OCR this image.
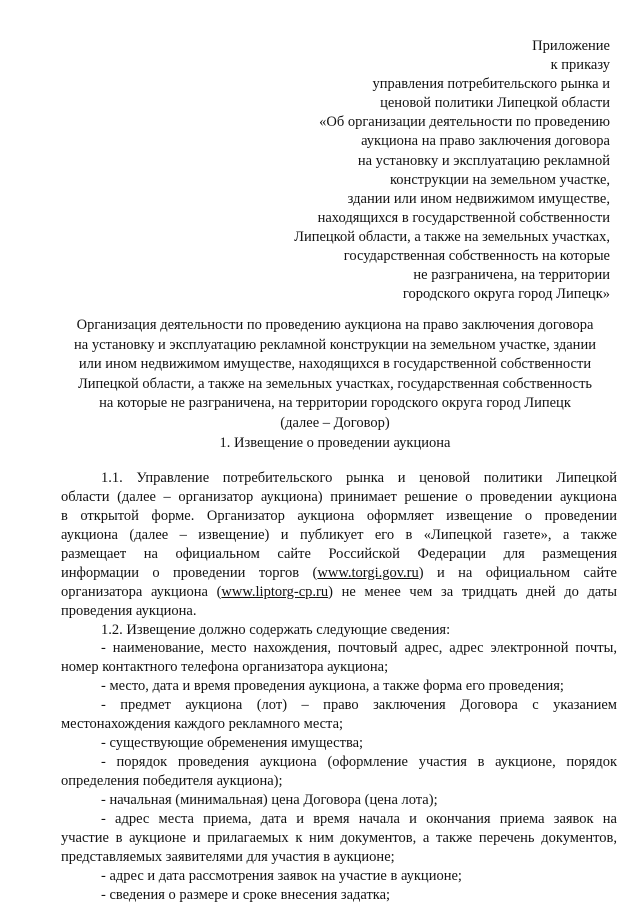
Приложение
к приказу
управления потребительского рынка и
ценовой политики Липецкой области
«Об организации деятельности по проведению
аукциона на право заключения договора
на установку и эксплуатацию рекламной
конструкции на земельном участке,
здании или ином недвижимом имуществе,
находящихся в государственной собственности
Липецкой области, а также на земельных участках,
государственная собственность на которые
не разграничена, на территории
городского округа город Липецк»
Организация деятельности по проведению аукциона на право заключения договора
на установку и эксплуатацию рекламной конструкции на земельном участке, здании
или ином недвижимом имуществе, находящихся в государственной собственности
Липецкой области, а также на земельных участках, государственная собственность
на которые не разграничена, на территории городского округа город Липецк
(далее – Договор)
1. Извещение о проведении аукциона
1.1. Управление потребительского рынка и ценовой политики Липецкой
области (далее – организатор аукциона) принимает решение о проведении аукциона
в открытой форме. Организатор аукциона оформляет извещение о проведении
аукциона (далее – извещение) и публикует его в «Липецкой газете», а также
размещает на официальном сайте Российской Федерации для размещения
информации о проведении торгов (www.torgi.gov.ru) и на официальном сайте
организатора аукциона (www.liptorg-cp.ru) не менее чем за тридцать дней до даты
проведения аукциона.
1.2. Извещение должно содержать следующие сведения:
- наименование, место нахождения, почтовый адрес, адрес электронной почты,
номер контактного телефона организатора аукциона;
- место, дата и время проведения аукциона, а также форма его проведения;
- предмет аукциона (лот) – право заключения Договора с указанием
местонахождения каждого рекламного места;
- существующие обременения имущества;
- порядок проведения аукциона (оформление участия в аукционе, порядок
определения победителя аукциона);
- начальная (минимальная) цена Договора (цена лота);
- адрес места приема, дата и время начала и окончания приема заявок на
участие в аукционе и прилагаемых к ним документов, а также перечень документов,
представляемых заявителями для участия в аукционе;
- адрес и дата рассмотрения заявок на участие в аукционе;
- сведения о размере и сроке внесения задатка;
